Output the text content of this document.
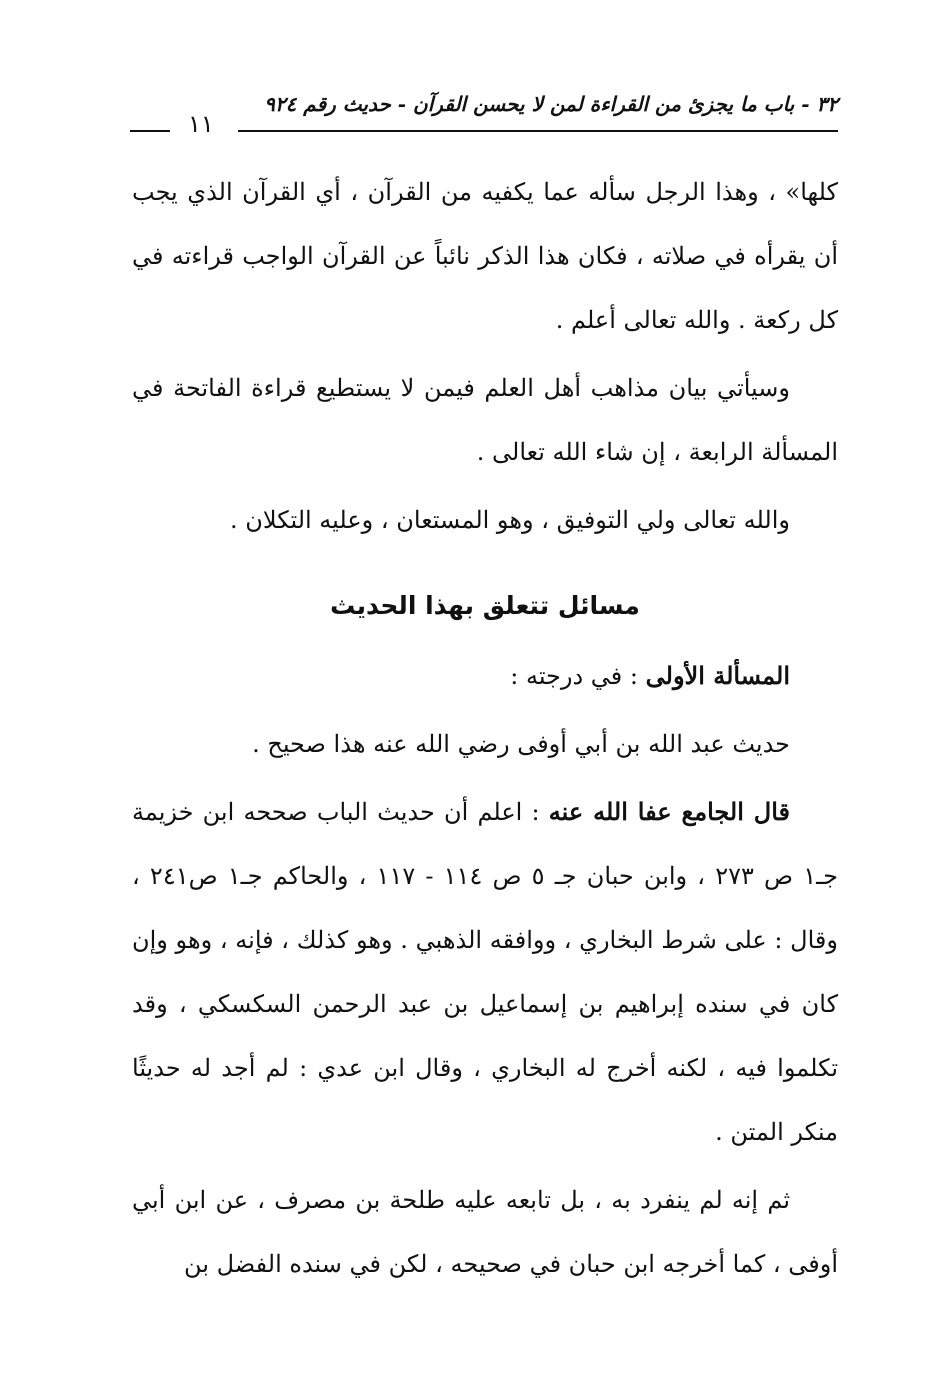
٣٢ - باب ما يجزئ من القراءة لمن لا يحسن القرآن - حديث رقم ٩٢٤
١١

كلها» ، وهذا الرجل سأله عما يكفيه من القرآن ، أي القرآن الذي يجب أن يقرأه في صلاته ، فكان هذا الذكر نائباً عن القرآن الواجب قراءته في كل ركعة . والله تعالى أعلم .

وسيأتي بيان مذاهب أهل العلم فيمن لا يستطيع قراءة الفاتحة في المسألة الرابعة ، إن شاء الله تعالى .

والله تعالى ولي التوفيق ، وهو المستعان ، وعليه التكلان .

مسائل تتعلق بهذا الحديث

المسألة الأولى : في درجته :

حديث عبد الله بن أبي أوفى رضي الله عنه هذا صحيح .

قال الجامع عفا الله عنه : اعلم أن حديث الباب صححه ابن خزيمة جـ١ ص ٢٧٣ ، وابن حبان جـ ٥ ص ١١٤ - ١١٧ ، والحاكم جـ١ ص٢٤١ ، وقال : على شرط البخاري ، ووافقه الذهبي . وهو كذلك ، فإنه ، وهو وإن كان في سنده إبراهيم بن إسماعيل بن عبد الرحمن السكسكي ، وقد تكلموا فيه ، لكنه أخرج له البخاري ، وقال ابن عدي : لم أجد له حديثًا منكر المتن .

ثم إنه لم ينفرد به ، بل تابعه عليه طلحة بن مصرف ، عن ابن أبي أوفى ، كما أخرجه ابن حبان في صحيحه ، لكن في سنده الفضل بن
